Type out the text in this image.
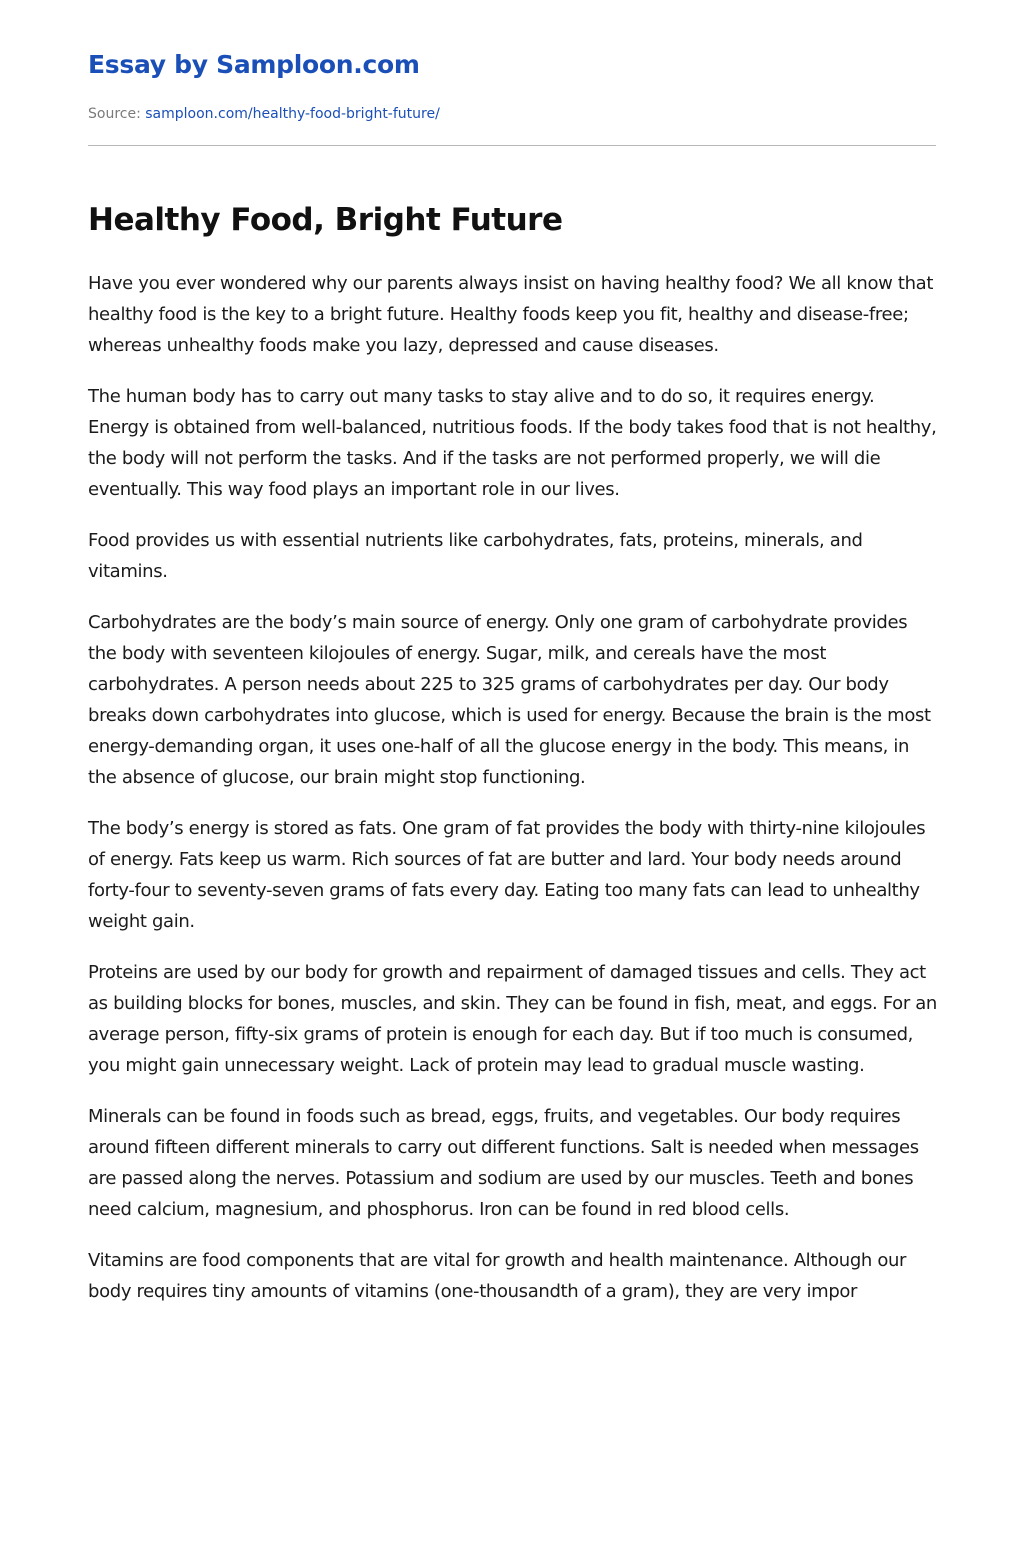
Essay by Samploon.com
Source: samploon.com/healthy-food-bright-future/
Healthy Food, Bright Future

Have you ever wondered why our parents always insist on having healthy food? We all know that healthy food is the key to a bright future. Healthy foods keep you fit, healthy and disease-free; whereas unhealthy foods make you lazy, depressed and cause diseases.

The human body has to carry out many tasks to stay alive and to do so, it requires energy. Energy is obtained from well-balanced, nutritious foods. If the body takes food that is not healthy, the body will not perform the tasks. And if the tasks are not performed properly, we will die eventually. This way food plays an important role in our lives.

Food provides us with essential nutrients like carbohydrates, fats, proteins, minerals, and vitamins.

Carbohydrates are the body’s main source of energy. Only one gram of carbohydrate provides the body with seventeen kilojoules of energy. Sugar, milk, and cereals have the most carbohydrates. A person needs about 225 to 325 grams of carbohydrates per day. Our body breaks down carbohydrates into glucose, which is used for energy. Because the brain is the most energy-demanding organ, it uses one-half of all the glucose energy in the body. This means, in the absence of glucose, our brain might stop functioning.

The body’s energy is stored as fats. One gram of fat provides the body with thirty-nine kilojoules of energy. Fats keep us warm. Rich sources of fat are butter and lard. Your body needs around forty-four to seventy-seven grams of fats every day. Eating too many fats can lead to unhealthy weight gain.

Proteins are used by our body for growth and repairment of damaged tissues and cells. They act as building blocks for bones, muscles, and skin. They can be found in fish, meat, and eggs. For an average person, fifty-six grams of protein is enough for each day. But if too much is consumed, you might gain unnecessary weight. Lack of protein may lead to gradual muscle wasting.

Minerals can be found in foods such as bread, eggs, fruits, and vegetables. Our body requires around fifteen different minerals to carry out different functions. Salt is needed when messages are passed along the nerves. Potassium and sodium are used by our muscles. Teeth and bones need calcium, magnesium, and phosphorus. Iron can be found in red blood cells.

Vitamins are food components that are vital for growth and health maintenance. Although our body requires tiny amounts of vitamins (one-thousandth of a gram), they are very impor
